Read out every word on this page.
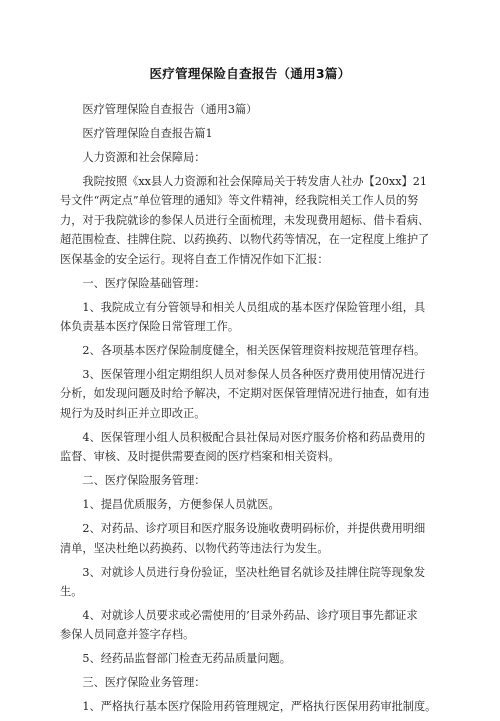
医疗管理保险自查报告（通用3篇）
医疗管理保险自查报告（通用3篇）
医疗管理保险自查报告篇1
人力资源和社会保障局：
我院按照《xx县人力资源和社会保障局关于转发唐人社办【20xx】21
号文件“两定点”单位管理的通知》等文件精神，经我院相关工作人员的努
力，对于我院就诊的参保人员进行全面梳理，未发现费用超标、借卡看病、
超范围检查、挂牌住院、以药换药、以物代药等情况，在一定程度上维护了
医保基金的安全运行。现将自查工作情况作如下汇报：
一、医疗保险基础管理：
1、我院成立有分管领导和相关人员组成的基本医疗保险管理小组，具
体负责基本医疗保险日常管理工作。
2、各项基本医疗保险制度健全，相关医保管理资料按规范管理存档。
3、医保管理小组定期组织人员对参保人员各种医疗费用使用情况进行
分析，如发现问题及时给予解决，不定期对医保管理情况进行抽查，如有违
规行为及时纠正并立即改正。
4、医保管理小组人员积极配合县社保局对医疗服务价格和药品费用的
监督、审核、及时提供需要查阅的医疗档案和相关资料。
二、医疗保险服务管理：
1、提昌优质服务，方便参保人员就医。
2、对药品、诊疗项目和医疗服务设施收费明码标价，并提供费用明细
清单，坚决杜绝以药换药、以物代药等违法行为发生。
3、对就诊人员进行身份验证，坚决杜绝冒名就诊及挂牌住院等现象发
生。
4、对就诊人员要求或必需使用的’目录外药品、诊疗项目事先都证求
参保人员同意并签字存档。
5、经药品监督部门检查无药品质量问题。
三、医疗保险业务管理：
1、严格执行基本医疗保险用药管理规定，严格执行医保用药审批制度。
